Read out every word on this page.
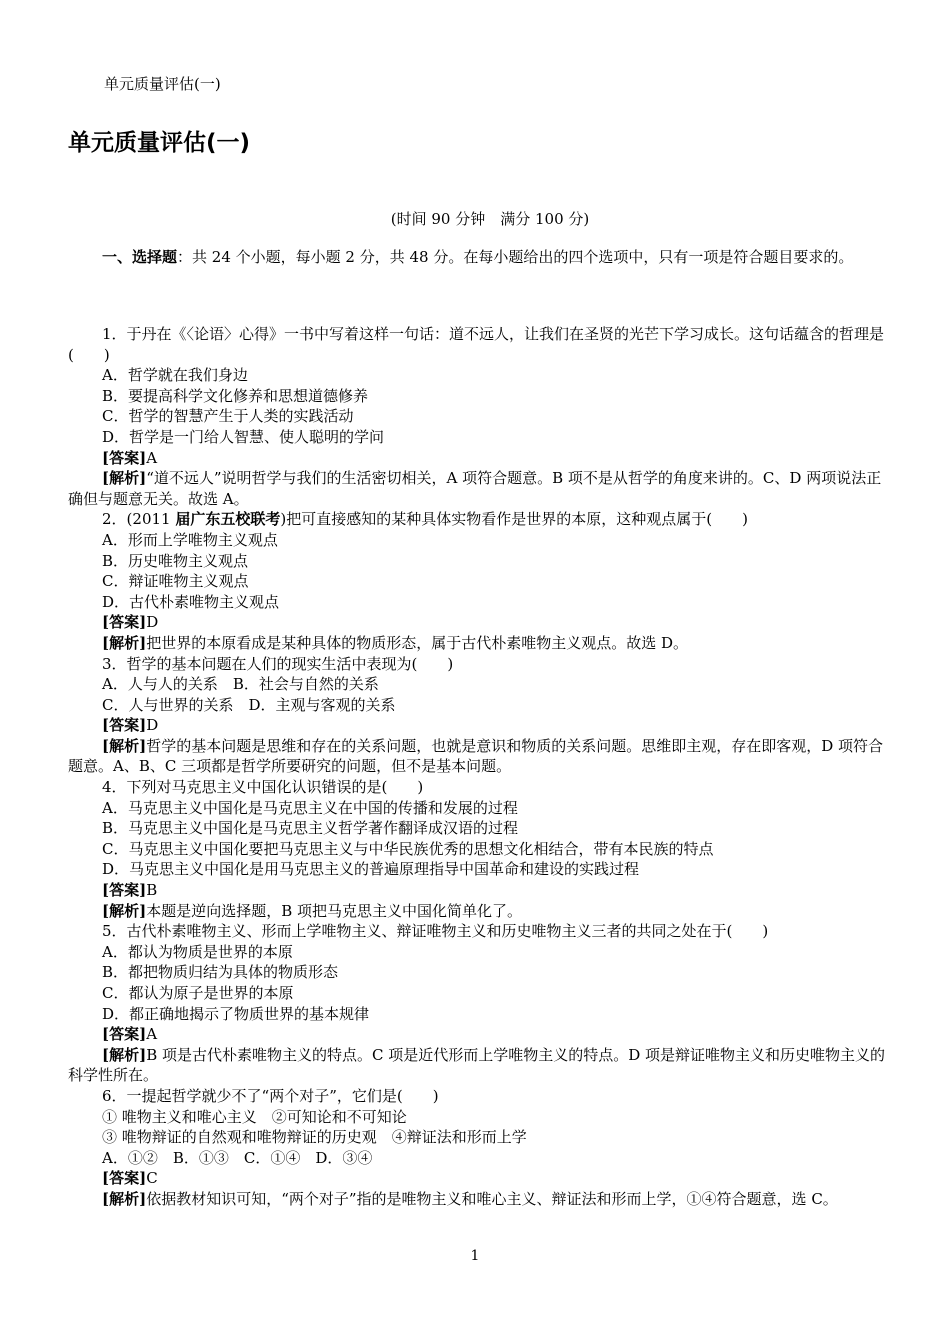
单元质量评估(一)
单元质量评估(一)
(时间 90 分钟　满分 100 分)
一、选择题：共 24 个小题，每小题 2 分，共 48 分。在每小题给出的四个选项中，只有一项是符合题目要求的。

1．于丹在《〈论语〉心得》一书中写着这样一句话：道不远人，让我们在圣贤的光芒下学习成长。这句话蕴含的哲理是(　　)

A．哲学就在我们身边

B．要提高科学文化修养和思想道德修养

C．哲学的智慧产生于人类的实践活动

D．哲学是一门给人智慧、使人聪明的学问

[答案]A

[解析]“道不远人”说明哲学与我们的生活密切相关，A 项符合题意。B 项不是从哲学的角度来讲的。C、D 两项说法正确但与题意无关。故选 A。

2．(2011 届广东五校联考)把可直接感知的某种具体实物看作是世界的本原，这种观点属于(　　)

A．形而上学唯物主义观点

B．历史唯物主义观点

C．辩证唯物主义观点

D．古代朴素唯物主义观点

[答案]D

[解析]把世界的本原看成是某种具体的物质形态，属于古代朴素唯物主义观点。故选 D。

3．哲学的基本问题在人们的现实生活中表现为(　　)

A．人与人的关系　B．社会与自然的关系

C．人与世界的关系　D．主观与客观的关系

[答案]D

[解析]哲学的基本问题是思维和存在的关系问题，也就是意识和物质的关系问题。思维即主观，存在即客观，D 项符合题意。A、B、C 三项都是哲学所要研究的问题，但不是基本问题。

4．下列对马克思主义中国化认识错误的是(　　)

A．马克思主义中国化是马克思主义在中国的传播和发展的过程

B．马克思主义中国化是马克思主义哲学著作翻译成汉语的过程

C．马克思主义中国化要把马克思主义与中华民族优秀的思想文化相结合，带有本民族的特点

D．马克思主义中国化是用马克思主义的普遍原理指导中国革命和建设的实践过程

[答案]B

[解析]本题是逆向选择题，B 项把马克思主义中国化简单化了。

5．古代朴素唯物主义、形而上学唯物主义、辩证唯物主义和历史唯物主义三者的共同之处在于(　　)

A．都认为物质是世界的本原

B．都把物质归结为具体的物质形态

C．都认为原子是世界的本原

D．都正确地揭示了物质世界的基本规律

[答案]A

[解析]B 项是古代朴素唯物主义的特点。C 项是近代形而上学唯物主义的特点。D 项是辩证唯物主义和历史唯物主义的科学性所在。

6．一提起哲学就少不了“两个对子”，它们是(　　)

① 唯物主义和唯心主义　②可知论和不可知论

③ 唯物辩证的自然观和唯物辩证的历史观　④辩证法和形而上学

A．①②　B．①③　C．①④　D．③④

[答案]C

[解析]依据教材知识可知，“两个对子”指的是唯物主义和唯心主义、辩证法和形而上学，①④符合题意，选 C。

1
